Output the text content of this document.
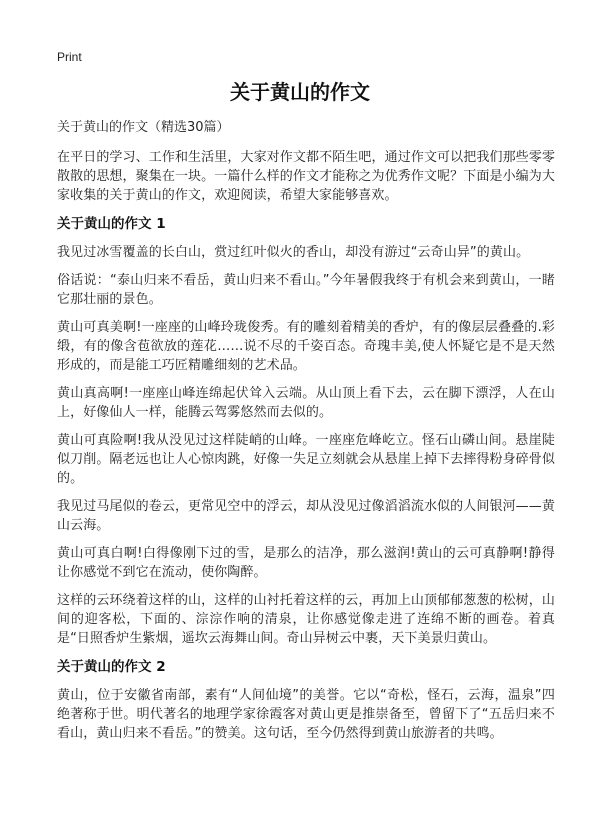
Print
关于黄山的作文
关于黄山的作文（精选30篇）

在平日的学习、工作和生活里，大家对作文都不陌生吧，通过作文可以把我们那些零零散散的思想，聚集在一块。一篇什么样的作文才能称之为优秀作文呢？下面是小编为大家收集的关于黄山的作文，欢迎阅读，希望大家能够喜欢。

关于黄山的作文 1

我见过冰雪覆盖的长白山，赏过红叶似火的香山，却没有游过“云奇山异”的黄山。

俗话说：“泰山归来不看岳，黄山归来不看山。”今年暑假我终于有机会来到黄山，一睹它那壮丽的景色。

黄山可真美啊!一座座的山峰玲珑俊秀。有的雕刻着精美的香炉，有的像层层叠叠的.彩缎，有的像含苞欲放的莲花……说不尽的千姿百态。奇瑰丰美,使人怀疑它是不是天然形成的，而是能工巧匠精雕细刻的艺术品。

黄山真高啊!一座座山峰连绵起伏耸入云端。从山顶上看下去，云在脚下漂浮，人在山上，好像仙人一样，能腾云驾雾悠然而去似的。

黄山可真险啊!我从没见过这样陡峭的山峰。一座座危峰屹立。怪石山磷山间。悬崖陡似刀削。隔老远也让人心惊肉跳，好像一失足立刻就会从悬崖上掉下去摔得粉身碎骨似的。

我见过马尾似的卷云，更常见空中的浮云，却从没见过像滔滔流水似的人间银河——黄山云海。

黄山可真白啊!白得像刚下过的雪，是那么的洁净，那么滋润!黄山的云可真静啊!静得让你感觉不到它在流动，使你陶醉。

这样的云环绕着这样的山，这样的山衬托着这样的云，再加上山顶郁郁葱葱的松树，山间的迎客松，下面的、淙淙作响的清泉，让你感觉像走进了连绵不断的画卷。着真是“日照香炉生紫烟，遥坎云海舞山间。奇山异树云中裹，天下美景归黄山。

关于黄山的作文 2

黄山，位于安徽省南部，素有“人间仙境”的美誉。它以“奇松，怪石，云海，温泉”四绝著称于世。明代著名的地理学家徐霞客对黄山更是推崇备至，曾留下了“五岳归来不看山，黄山归来不看岳。”的赞美。这句话，至今仍然得到黄山旅游者的共鸣。
